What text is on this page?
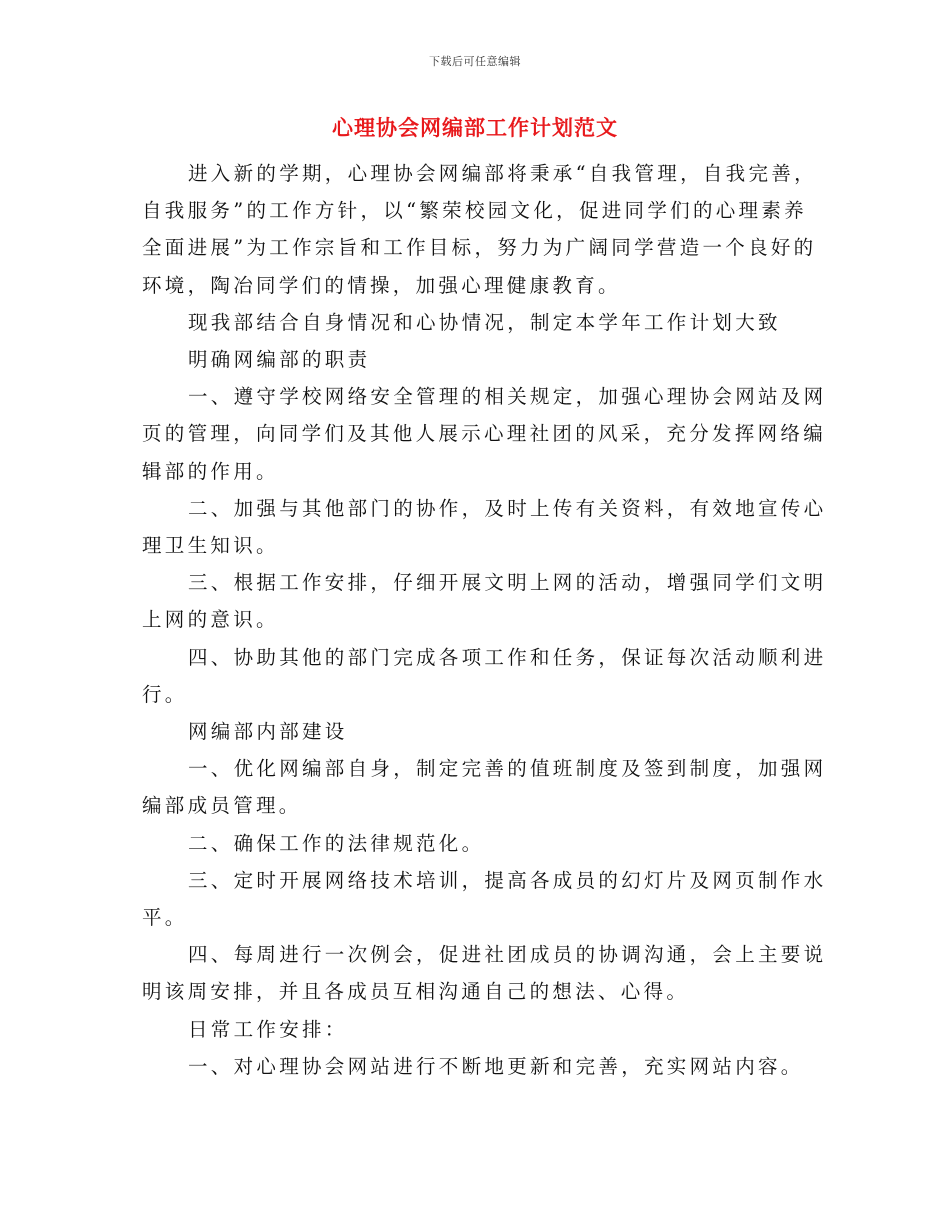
下载后可任意编辑
心理协会网编部工作计划范文
进入新的学期，心理协会网编部将秉承“自我管理，自我完善，
自我服务”的工作方针，以“繁荣校园文化，促进同学们的心理素养
全面进展”为工作宗旨和工作目标，努力为广阔同学营造一个良好的
环境，陶冶同学们的情操，加强心理健康教育。
现我部结合自身情况和心协情况，制定本学年工作计划大致
明确网编部的职责
一、遵守学校网络安全管理的相关规定，加强心理协会网站及网
页的管理，向同学们及其他人展示心理社团的风采，充分发挥网络编
辑部的作用。
二、加强与其他部门的协作，及时上传有关资料，有效地宣传心
理卫生知识。
三、根据工作安排，仔细开展文明上网的活动，增强同学们文明
上网的意识。
四、协助其他的部门完成各项工作和任务，保证每次活动顺利进
行。
网编部内部建设
一、优化网编部自身，制定完善的值班制度及签到制度，加强网
编部成员管理。
二、确保工作的法律规范化。
三、定时开展网络技术培训，提高各成员的幻灯片及网页制作水
平。
四、每周进行一次例会，促进社团成员的协调沟通，会上主要说
明该周安排，并且各成员互相沟通自己的想法、心得。
日常工作安排：
一、对心理协会网站进行不断地更新和完善，充实网站内容。
